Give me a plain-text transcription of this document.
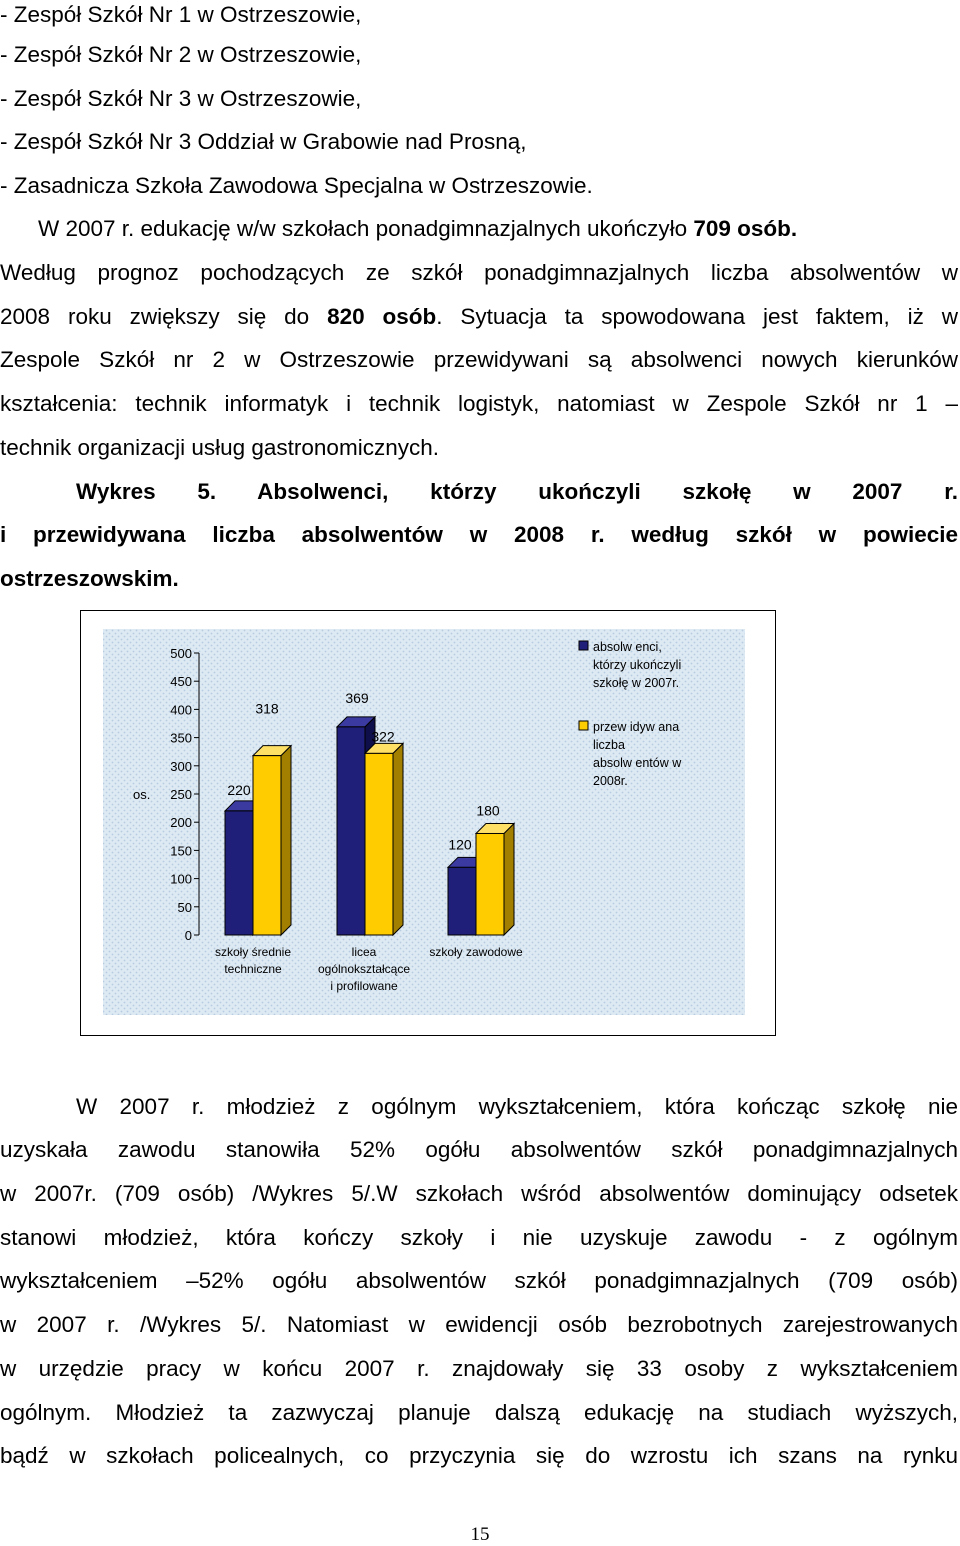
- Zespół Szkół Nr 1 w Ostrzeszowie,
- Zespół Szkół Nr 2 w Ostrzeszowie,
- Zespół Szkół Nr 3 w Ostrzeszowie,
- Zespół Szkół Nr 3 Oddział w Grabowie nad Prosną,
- Zasadnicza Szkoła Zawodowa Specjalna w Ostrzeszowie.
W 2007 r. edukację w/w szkołach ponadgimnazjalnych ukończyło 709 osób.
Według prognoz pochodzących ze szkół ponadgimnazjalnych liczba absolwentów w
2008 roku zwiększy się do 820 osób. Sytuacja ta spowodowana jest faktem, iż w
Zespole Szkół nr 2 w Ostrzeszowie przewidywani są absolwenci nowych kierunków
kształcenia: technik informatyk i technik logistyk, natomiast w Zespole Szkół nr 1 –
technik organizacji usług gastronomicznych.
Wykres 5. Absolwenci, którzy ukończyli szkołę w 2007 r.
i przewidywana liczba absolwentów w 2008 r. według szkół w powiecie
ostrzeszowskim.
0
50
100
150
200
250
300
350
400
450
500
os.	220
369
120
318
322
180
szkoły średnie
techniczne
licea
ogólnokształcące
i profilowane
szkoły zawodowe
absolw enci,
którzy ukończyli
szkołę w 2007r.
przew idyw ana
liczba
absolw entów w
2008r.
W 2007 r. młodzież z ogólnym wykształceniem, która kończąc szkołę nie
uzyskała zawodu stanowiła 52% ogółu absolwentów szkół ponadgimnazjalnych
w 2007r. (709 osób) /Wykres 5/.W szkołach wśród absolwentów dominujący odsetek
stanowi młodzież, która kończy szkoły i nie uzyskuje zawodu - z ogólnym
wykształceniem –52% ogółu absolwentów szkół ponadgimnazjalnych (709 osób)
w 2007 r. /Wykres 5/. Natomiast w ewidencji osób bezrobotnych zarejestrowanych
w urzędzie pracy w końcu 2007 r. znajdowały się 33 osoby z wykształceniem
ogólnym. Młodzież ta zazwyczaj planuje dalszą edukację na studiach wyższych,
bądź w szkołach policealnych, co przyczynia się do wzrostu ich szans na rynku
15
